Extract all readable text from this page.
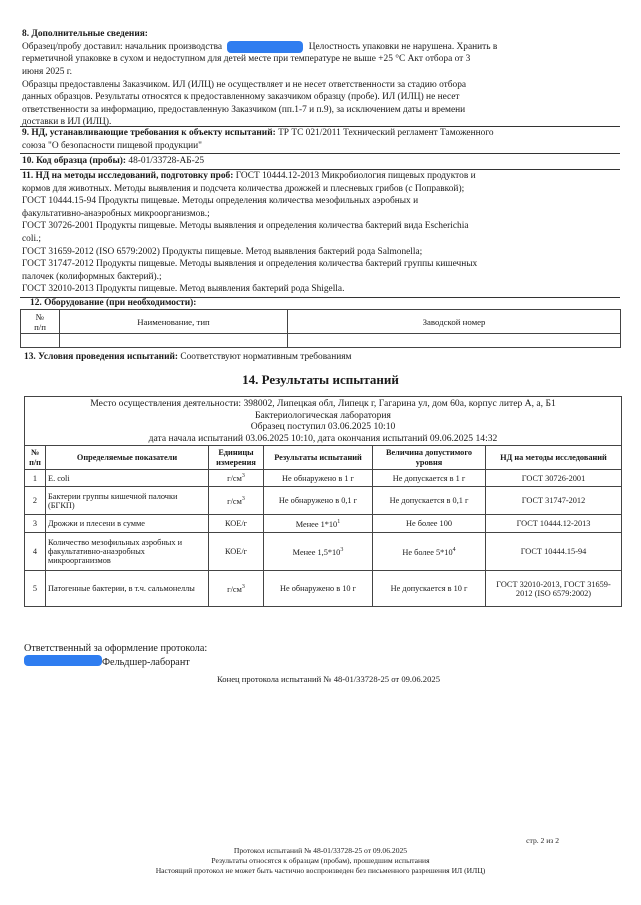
8. Дополнительные сведения:
Образец/пробу доставил: начальник производства	Целостность упаковки не нарушена. Хранить в
герметичной упаковке в сухом и недоступном для детей месте при температуре не выше +25 °С Акт отбора от 3
июня 2025 г.
Образцы предоставлены Заказчиком. ИЛ (ИЛЦ) не осуществляет и не несет ответственности за стадию отбора
данных образцов. Результаты относятся к предоставленному заказчиком образцу (пробе). ИЛ (ИЛЦ) не несет
ответственности за информацию, предоставленную Заказчиком (пп.1-7 и п.9), за исключением даты и времени
доставки в ИЛ (ИЛЦ).
9. НД, устанавливающие требования к объекту испытаний: ТР ТС 021/2011 Технический регламент Таможенного
союза "О безопасности пищевой продукции"
10. Код образца (пробы): 48-01/33728-АБ-25
11. НД на методы исследований, подготовку проб: ГОСТ 10444.12-2013 Микробиология пищевых продуктов и
кормов для животных. Методы выявления и подсчета количества дрожжей и плесневых грибов (с Поправкой);
ГОСТ 10444.15-94 Продукты пищевые. Методы определения количества мезофильных аэробных и
факультативно-анаэробных микроорганизмов.;
ГОСТ 30726-2001 Продукты пищевые. Методы выявления и определения количества бактерий вида Escherichia
coli.;
ГОСТ 31659-2012 (ISO 6579:2002) Продукты пищевые. Метод выявления бактерий рода Salmonella;
ГОСТ 31747-2012 Продукты пищевые. Методы выявления и определения количества бактерий группы кишечных
палочек (колиформных бактерий).;
ГОСТ 32010-2013 Продукты пищевые. Метод выявления бактерий рода Shigella.
12. Оборудование (при необходимости):
№
п/п	Наименование, тип	Заводской номер

13. Условия проведения испытаний: Соответствуют нормативным требованиям
14. Результаты испытаний
Место осуществления деятельности: 398002, Липецкая обл, Липецк г, Гагарина ул, дом 60а, корпус литер А, а, Б1
Бактериологическая лаборатория
Образец поступил 03.06.2025 10:10
дата начала испытаний 03.06.2025 10:10, дата окончания испытаний 09.06.2025 14:32
№ п/п	Определяемые показатели	Единицы измерения	Результаты испытаний	Величина допустимого уровня	НД на методы исследований
1	E. coli	$г/см^3$	Не обнаружено в 1 г	Не допускается в 1 г	ГОСТ 30726-2001
2	Бактерии группы кишечной палочки (БГКП)	$г/см^3$	Не обнаружено в 0,1 г	Не допускается в 0,1 г	ГОСТ 31747-2012
3	Дрожжи и плесени в сумме	КОЕ/г	Менее $1*10^1$	Не более 100	ГОСТ 10444.12-2013
4	Количество мезофильных аэробных и факультативно-анаэробных микроорганизмов	КОЕ/г	Менее $1,5*10^3$	Не более $5*10^4$	ГОСТ 10444.15-94
5	Патогенные бактерии, в т.ч. сальмонеллы	$г/см^3$	Не обнаружено в 10 г	Не допускается в 10 г	ГОСТ 32010-2013, ГОСТ 31659-2012 (ISO 6579:2002)
Ответственный за оформление протокола:
Фельдшер-лаборант
Конец протокола испытаний № 48-01/33728-25 от 09.06.2025
стр. 2 из 2
Протокол испытаний № 48-01/33728-25 от 09.06.2025
Результаты относятся к образцам (пробам), прошедшим испытания
Настоящий протокол не может быть частично воспроизведен без письменного разрешения ИЛ (ИЛЦ)
